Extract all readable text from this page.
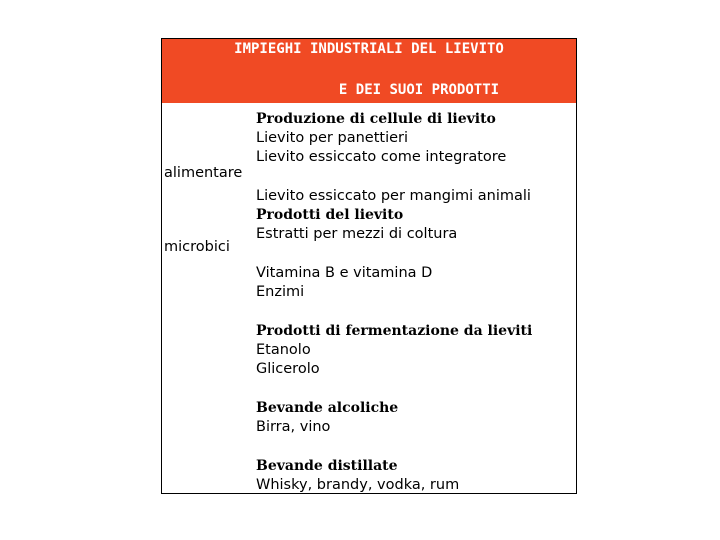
IMPIEGHI INDUSTRIALI DEL LIEVITO
E DEI SUOI PRODOTTI
alimentare
microbici
Produzione di cellule di lievito
Lievito per panettieri
Lievito essiccato come integratore
Lievito essiccato per mangimi animali
Prodotti del lievito
Estratti per mezzi di coltura
Vitamina B e vitamina D
Enzimi
Prodotti di fermentazione da lieviti
Etanolo
Glicerolo
Bevande alcoliche
Birra, vino
Bevande distillate
Whisky, brandy, vodka, rum
